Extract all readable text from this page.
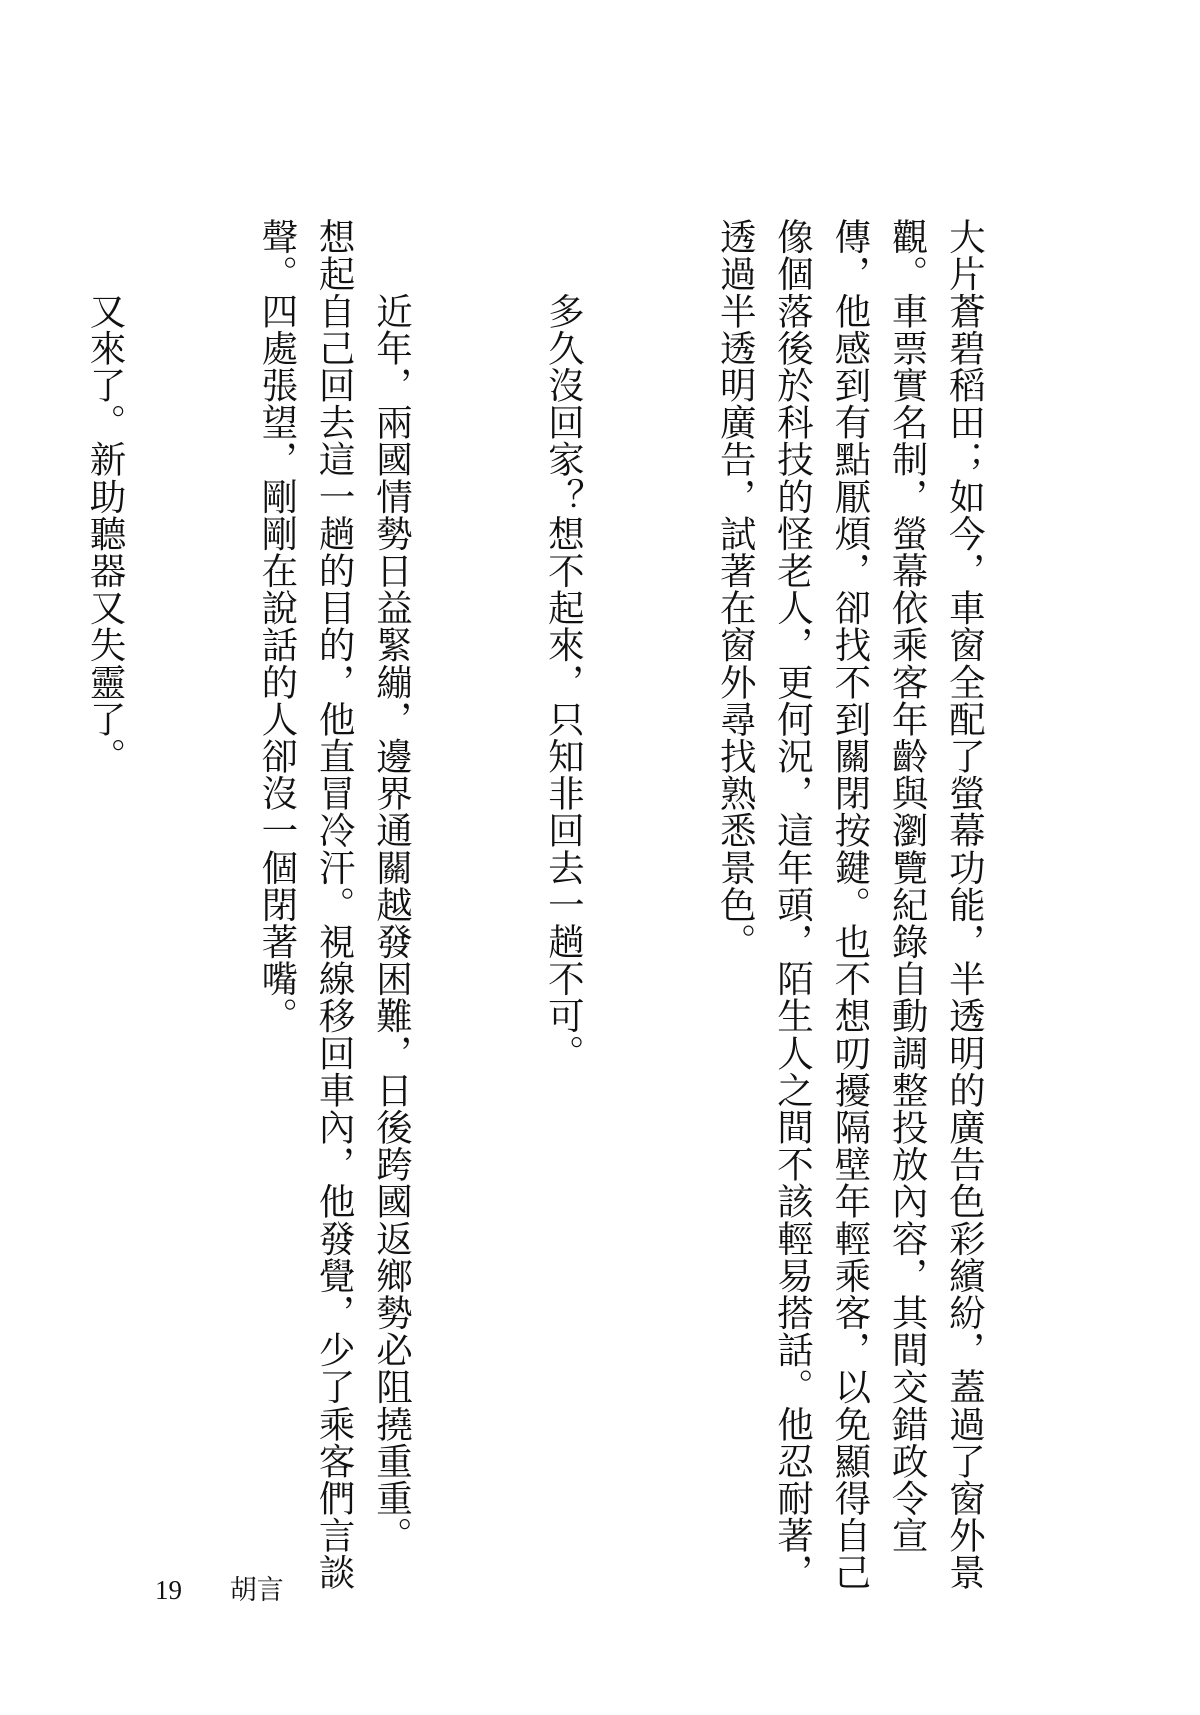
大片蒼碧稻田；如今，車窗全配了螢幕功能，半透明的廣告色彩繽紛，蓋過了窗外景
觀。車票實名制，螢幕依乘客年齡與瀏覽紀錄自動調整投放內容，其間交錯政令宣
傳，他感到有點厭煩，卻找不到關閉按鍵。也不想叨擾隔壁年輕乘客，以免顯得自己
像個落後於科技的怪老人，更何況，這年頭，陌生人之間不該輕易搭話。他忍耐著，
透過半透明廣告，試著在窗外尋找熟悉景色。

　　多久沒回家？想不起來，只知非回去一趟不可。

　　近年，兩國情勢日益緊繃，邊界通關越發困難，日後跨國返鄉勢必阻撓重重。
想起自己回去這一趟的目的，他直冒冷汗。視線移回車內，他發覺，少了乘客們言談
聲。四處張望，剛剛在說話的人卻沒一個閉著嘴。

　　又來了。新助聽器又失靈了。

19 胡言
